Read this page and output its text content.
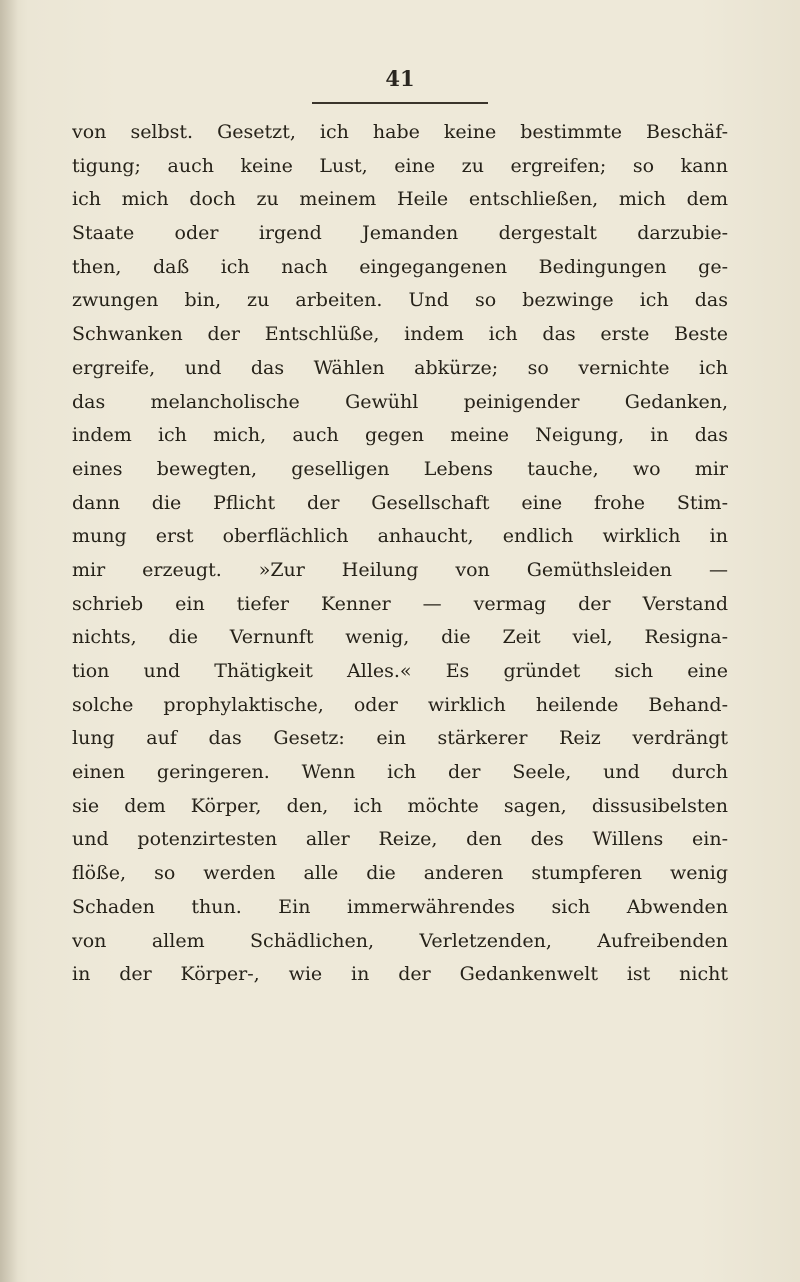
41
von selbst. Gesetzt, ich habe keine bestimmte Beschäf-
tigung; auch keine Lust, eine zu ergreifen; so kann
ich mich doch zu meinem Heile entschließen, mich dem
Staate oder irgend Jemanden dergestalt darzubie-
then, daß ich nach eingegangenen Bedingungen ge-
zwungen bin, zu arbeiten. Und so bezwinge ich das
Schwanken der Entschlüße, indem ich das erste Beste
ergreife, und das Wählen abkürze; so vernichte ich
das melancholische Gewühl peinigender Gedanken,
indem ich mich, auch gegen meine Neigung, in das
eines bewegten, geselligen Lebens tauche, wo mir
dann die Pflicht der Gesellschaft eine frohe Stim-
mung erst oberflächlich anhaucht, endlich wirklich in
mir erzeugt. »Zur Heilung von Gemüthsleiden —
schrieb ein tiefer Kenner — vermag der Verstand
nichts, die Vernunft wenig, die Zeit viel, Resigna-
tion und Thätigkeit Alles.« Es gründet sich eine
solche prophylaktische, oder wirklich heilende Behand-
lung auf das Gesetz: ein stärkerer Reiz verdrängt
einen geringeren. Wenn ich der Seele, und durch
sie dem Körper, den, ich möchte sagen, dissusibelsten
und potenzirtesten aller Reize, den des Willens ein-
flöße, so werden alle die anderen stumpferen wenig
Schaden thun. Ein immerwährendes sich Abwenden
von allem Schädlichen, Verletzenden, Aufreibenden
in der Körper-, wie in der Gedankenwelt ist nicht
